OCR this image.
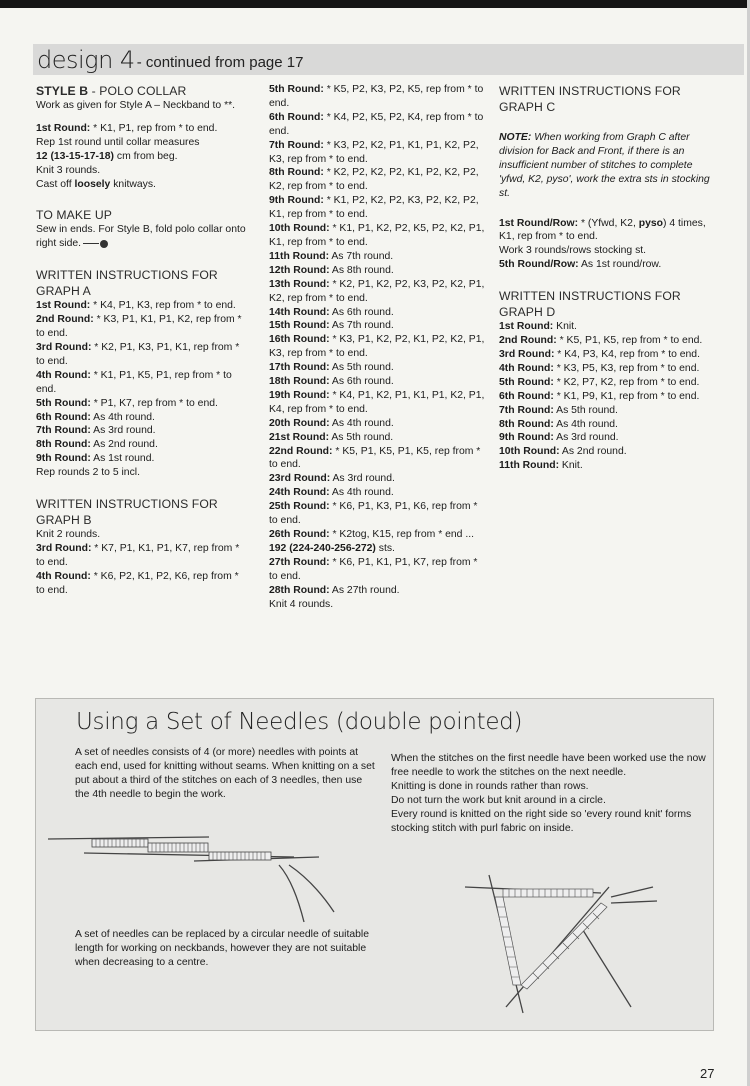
design 4 - continued from page 17

STYLE B - POLO COLLAR

Work as given for Style A – Neckband to **.

1st Round: * K1, P1, rep from * to end.

Rep 1st round until collar measures

12 (13-15-17-18) cm from beg.

Knit 3 rounds.

Cast off loosely knitways.

TO MAKE UP

Sew in ends. For Style B, fold polo collar onto right side.

WRITTEN INSTRUCTIONS FOR GRAPH A

1st Round: * K4, P1, K3, rep from * to end.

2nd Round: * K3, P1, K1, P1, K2, rep from * to end.

3rd Round: * K2, P1, K3, P1, K1, rep from * to end.

4th Round: * K1, P1, K5, P1, rep from * to end.

5th Round: * P1, K7, rep from * to end.

6th Round: As 4th round.

7th Round: As 3rd round.

8th Round: As 2nd round.

9th Round: As 1st round.

Rep rounds 2 to 5 incl.

WRITTEN INSTRUCTIONS FOR GRAPH B

Knit 2 rounds.

3rd Round: * K7, P1, K1, P1, K7, rep from * to end.

4th Round: * K6, P2, K1, P2, K6, rep from * to end.

5th Round: * K5, P2, K3, P2, K5, rep from * to end.

6th Round: * K4, P2, K5, P2, K4, rep from * to end.

7th Round: * K3, P2, K2, P1, K1, P1, K2, P2, K3, rep from * to end.

8th Round: * K2, P2, K2, P2, K1, P2, K2, P2, K2, rep from * to end.

9th Round: * K1, P2, K2, P2, K3, P2, K2, P2, K1, rep from * to end.

10th Round: * K1, P1, K2, P2, K5, P2, K2, P1, K1, rep from * to end.

11th Round: As 7th round.

12th Round: As 8th round.

13th Round: * K2, P1, K2, P2, K3, P2, K2, P1, K2, rep from * to end.

14th Round: As 6th round.

15th Round: As 7th round.

16th Round: * K3, P1, K2, P2, K1, P2, K2, P1, K3, rep from * to end.

17th Round: As 5th round.

18th Round: As 6th round.

19th Round: * K4, P1, K2, P1, K1, P1, K2, P1, K4, rep from * to end.

20th Round: As 4th round.

21st Round: As 5th round.

22nd Round: * K5, P1, K5, P1, K5, rep from * to end.

23rd Round: As 3rd round.

24th Round: As 4th round.

25th Round: * K6, P1, K3, P1, K6, rep from * to end.

26th Round: * K2tog, K15, rep from * end ... 192 (224-240-256-272) sts.

27th Round: * K6, P1, K1, P1, K7, rep from * to end.

28th Round: As 27th round.

Knit 4 rounds.

WRITTEN INSTRUCTIONS FOR GRAPH C

NOTE: When working from Graph C after division for Back and Front, if there is an insufficient number of stitches to complete 'yfwd, K2, pyso', work the extra sts in stocking st.

1st Round/Row: * (Yfwd, K2, pyso) 4 times, K1, rep from * to end.

Work 3 rounds/rows stocking st.

5th Round/Row: As 1st round/row.

WRITTEN INSTRUCTIONS FOR GRAPH D

1st Round: Knit.

2nd Round: * K5, P1, K5, rep from * to end.

3rd Round: * K4, P3, K4, rep from * to end.

4th Round: * K3, P5, K3, rep from * to end.

5th Round: * K2, P7, K2, rep from * to end.

6th Round: * K1, P9, K1, rep from * to end.

7th Round: As 5th round.

8th Round: As 4th round.

9th Round: As 3rd round.

10th Round: As 2nd round.

11th Round: Knit.

Using a Set of Needles (double pointed)

A set of needles consists of 4 (or more) needles with points at each end, used for knitting without seams. When knitting on a set put about a third of the stitches on each of 3 needles, then use the 4th needle to begin the work.

When the stitches on the first needle have been worked use the now free needle to work the stitches on the next needle.

Knitting is done in rounds rather than rows.

Do not turn the work but knit around in a circle.

Every round is knitted on the right side so 'every round knit' forms stocking stitch with purl fabric on inside.

A set of needles can be replaced by a circular needle of suitable length for working on neckbands, however they are not suitable when decreasing to a centre.

27
